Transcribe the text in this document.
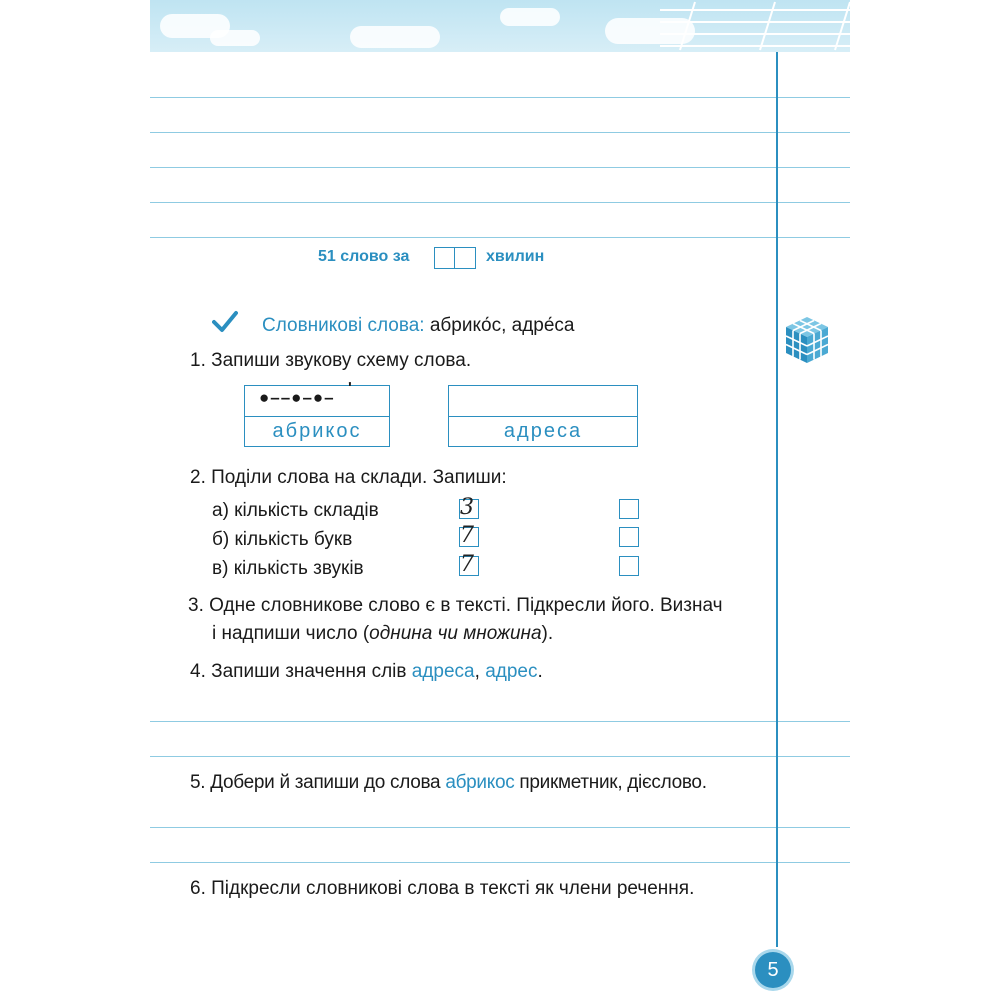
51 слово за	хвилин
Словникові слова: абрико́с, адре́са
1. Запиши звукову схему слова.
●––●–●– ʹ
абрикос	адреса
2. Поділи слова на склади. Запиши:
а) кількість складів	3
б) кількість букв	7
в) кількість звуків	7
3. Одне словникове слово є в тексті. Підкресли його. Визнач
і надпиши число (однина чи множина).
4. Запиши значення слів адреса, адрес.
5. Добери й запиши до слова абрикос прикметник, дієслово.
6. Підкресли словникові слова в тексті як члени речення.
5
